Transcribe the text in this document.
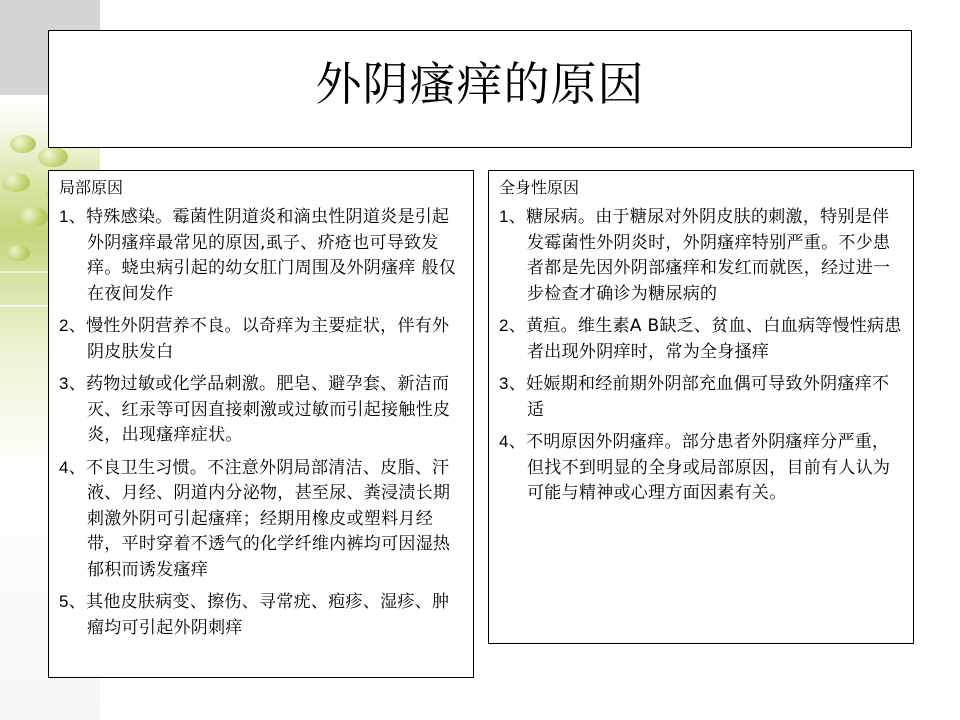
外阴瘙痒的原因
局部原因
1、特殊感染。霉菌性阴道炎和滴虫性阴道炎是引起外阴瘙痒最常见的原因,虱子、疥疮也可导致发痒。蛲虫病引起的幼女肛门周围及外阴瘙痒 般仅在夜间发作
2、慢性外阴营养不良。以奇痒为主要症状，伴有外阴皮肤发白
3、药物过敏或化学品刺激。肥皂、避孕套、新洁而灭、红汞等可因直接刺激或过敏而引起接触性皮炎，出现瘙痒症状。
4、不良卫生习惯。不注意外阴局部清洁、皮脂、汗液、月经、阴道内分泌物，甚至尿、粪浸渍长期刺激外阴可引起瘙痒；经期用橡皮或塑料月经带，平时穿着不透气的化学纤维内裤均可因湿热郁积而诱发瘙痒
5、其他皮肤病变、擦伤、寻常疣、疱疹、湿疹、肿瘤均可引起外阴刺痒
全身性原因
1、糖尿病。由于糖尿对外阴皮肤的刺激，特别是伴发霉菌性外阴炎时，外阴瘙痒特别严重。不少患者都是先因外阴部瘙痒和发红而就医，经过进一步检查才确诊为糖尿病的
2、黄疸。维生素A B缺乏、贫血、白血病等慢性病患者出现外阴痒时，常为全身搔痒
3、妊娠期和经前期外阴部充血偶可导致外阴瘙痒不适
4、不明原因外阴瘙痒。部分患者外阴瘙痒分严重，但找不到明显的全身或局部原因，目前有人认为可能与精神或心理方面因素有关。
